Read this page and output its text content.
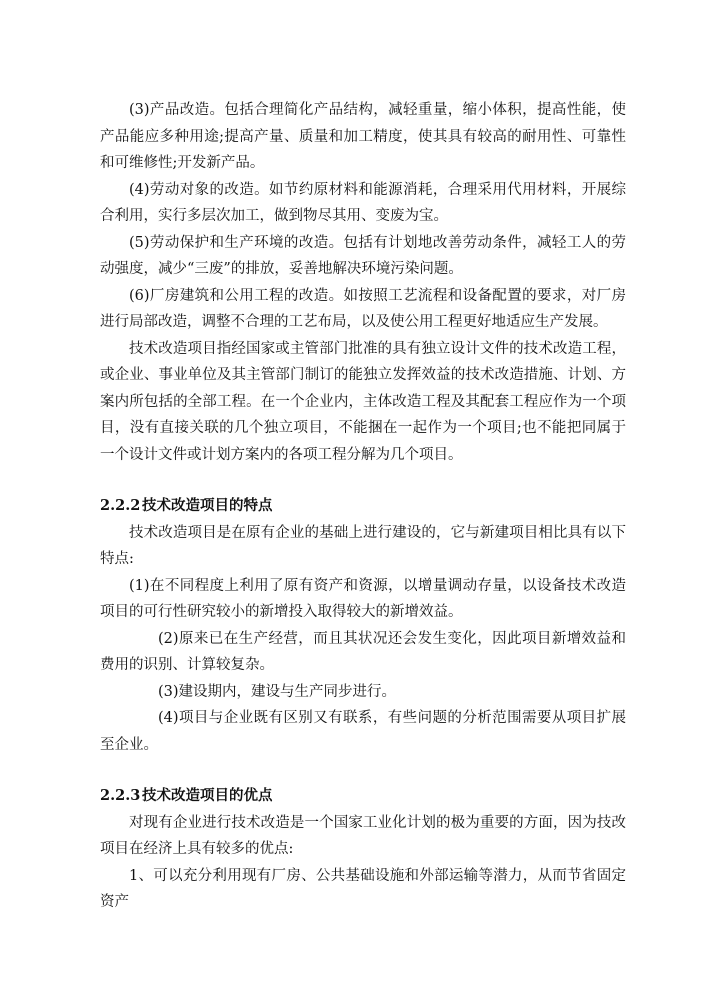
(3)产品改造。包括合理简化产品结构，减轻重量，缩小体积，提高性能，使产品能应多种用途;提高产量、质量和加工精度，使其具有较高的耐用性、可靠性和可维修性;开发新产品。

(4)劳动对象的改造。如节约原材料和能源消耗，合理采用代用材料，开展综合利用，实行多层次加工，做到物尽其用、变废为宝。

(5)劳动保护和生产环境的改造。包括有计划地改善劳动条件，减轻工人的劳动强度，减少“三废”的排放，妥善地解决环境污染问题。

(6)厂房建筑和公用工程的改造。如按照工艺流程和设备配置的要求，对厂房进行局部改造，调整不合理的工艺布局，以及使公用工程更好地适应生产发展。

技术改造项目指经国家或主管部门批准的具有独立设计文件的技术改造工程，或企业、事业单位及其主管部门制订的能独立发挥效益的技术改造措施、计划、方案内所包括的全部工程。在一个企业内，主体改造工程及其配套工程应作为一个项目，没有直接关联的几个独立项目，不能捆在一起作为一个项目;也不能把同属于一个设计文件或计划方案内的各项工程分解为几个项目。

2.2.2 技术改造项目的特点

技术改造项目是在原有企业的基础上进行建设的，它与新建项目相比具有以下特点:

(1)在不同程度上利用了原有资产和资源，以增量调动存量，以设备技术改造项目的可行性研究较小的新增投入取得较大的新增效益。

(2)原来已在生产经营，而且其状况还会发生变化，因此项目新增效益和费用的识别、计算较复杂。

(3)建设期内，建设与生产同步进行。

(4)项目与企业既有区别又有联系，有些问题的分析范围需要从项目扩展至企业。

2.2.3 技术改造项目的优点

对现有企业进行技术改造是一个国家工业化计划的极为重要的方面，因为技改项目在经济上具有较多的优点:

1、可以充分利用现有厂房、公共基础设施和外部运输等潜力，从而节省固定资产
